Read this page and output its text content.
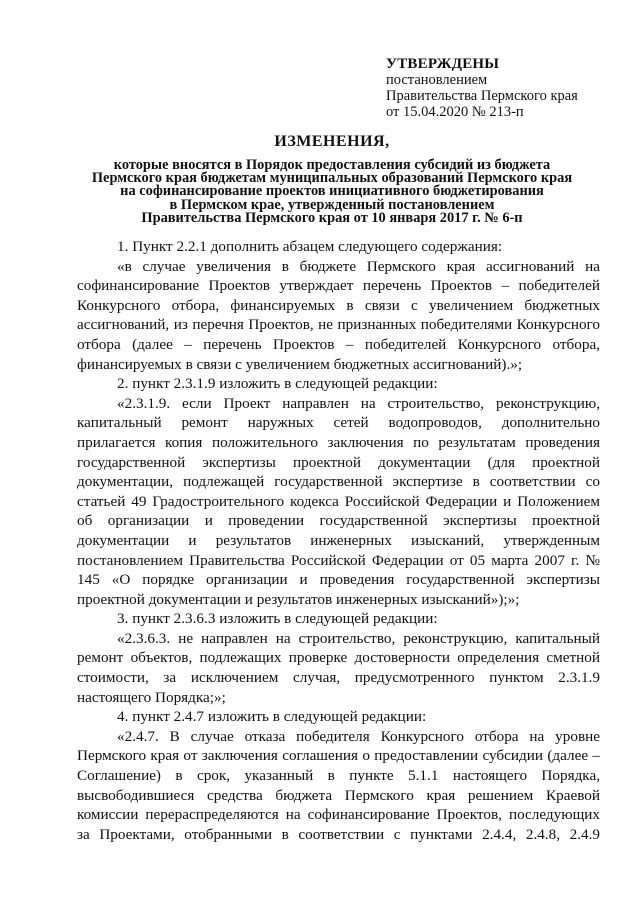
УТВЕРЖДЕНЫ
постановлением
Правительства Пермского края
от 15.04.2020 № 213-п
ИЗМЕНЕНИЯ,
которые вносятся в Порядок предоставления субсидий из бюджета
Пермского края бюджетам муниципальных образований Пермского края
на софинансирование проектов инициативного бюджетирования
в Пермском крае, утвержденный постановлением
Правительства Пермского края от 10 января 2017 г. № 6-п

1. Пункт 2.2.1 дополнить абзацем следующего содержания:

«в случае увеличения в бюджете Пермского края ассигнований на софинансирование Проектов утверждает перечень Проектов – победителей Конкурсного отбора, финансируемых в связи с увеличением бюджетных ассигнований, из перечня Проектов, не признанных победителями Конкурсного отбора (далее – перечень Проектов – победителей Конкурсного отбора, финансируемых в связи с увеличением бюджетных ассигнований).»;

2. пункт 2.3.1.9 изложить в следующей редакции:

«2.3.1.9. если Проект направлен на строительство, реконструкцию, капитальный ремонт наружных сетей водопроводов, дополнительно прилагается копия положительного заключения по результатам проведения государственной экспертизы проектной документации (для проектной документации, подлежащей государственной экспертизе в соответствии со статьей 49 Градостроительного кодекса Российской Федерации и Положением об организации и проведении государственной экспертизы проектной документации и результатов инженерных изысканий, утвержденным постановлением Правительства Российской Федерации от 05 марта 2007 г. № 145 «О порядке организации и проведения государственной экспертизы проектной документации и результатов инженерных изысканий»);»;

3. пункт 2.3.6.3 изложить в следующей редакции:

«2.3.6.3. не направлен на строительство, реконструкцию, капитальный ремонт объектов, подлежащих проверке достоверности определения сметной стоимости, за исключением случая, предусмотренного пунктом 2.3.1.9 настоящего Порядка;»;

4. пункт 2.4.7 изложить в следующей редакции:

«2.4.7. В случае отказа победителя Конкурсного отбора на уровне Пермского края от заключения соглашения о предоставлении субсидии (далее – Соглашение) в срок, указанный в пункте 5.1.1 настоящего Порядка, высвободившиеся средства бюджета Пермского края решением Краевой комиссии перераспределяются на софинансирование Проектов, последующих за Проектами, отобранными в соответствии с пунктами 2.4.4, 2.4.8, 2.4.9
